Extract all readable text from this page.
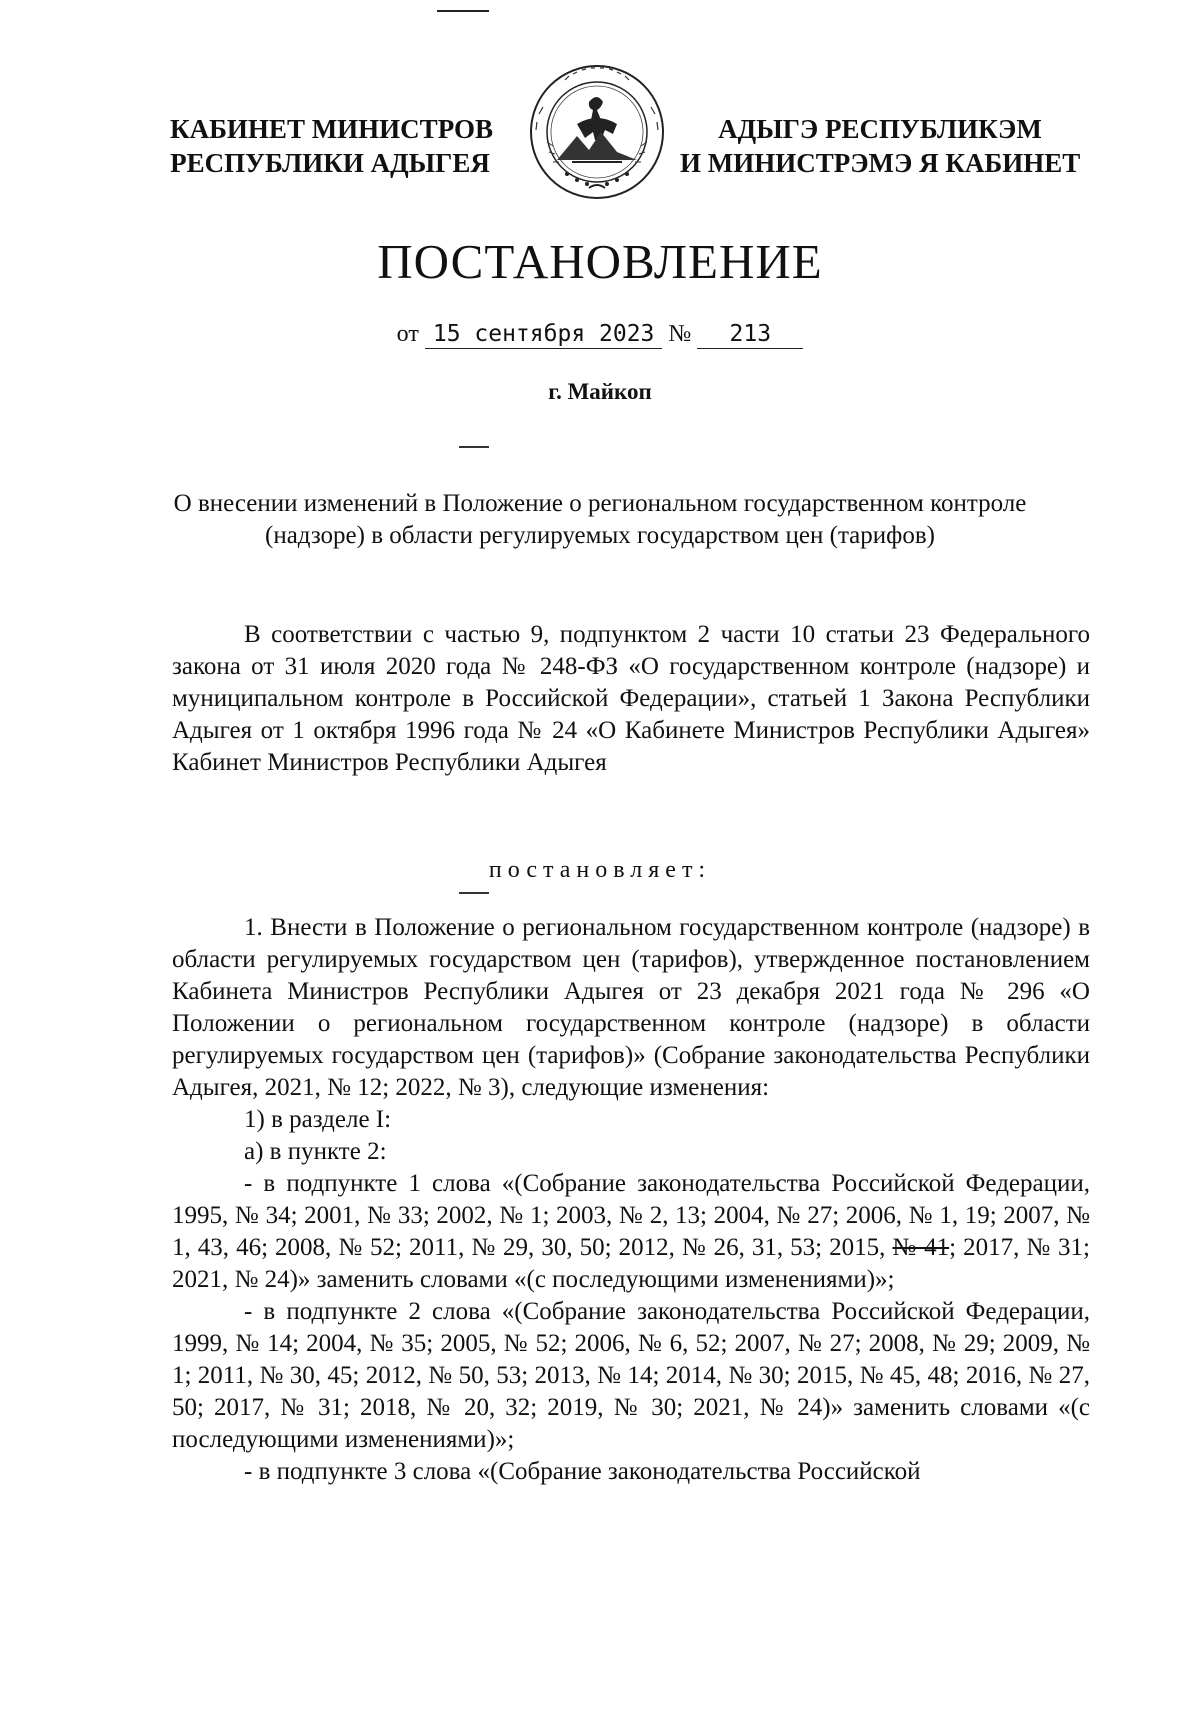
КАБИНЕТ МИНИСТРОВ
РЕСПУБЛИКИ АДЫГЕЯ
АДЫГЭ РЕСПУБЛИКЭМ
И МИНИСТРЭМЭ Я КАБИНЕТ
ПОСТАНОВЛЕНИЕ
от 15 сентября 2023 № 213
г. Майкоп
О внесении изменений в Положение о региональном государственном контроле (надзоре) в области регулируемых государством цен (тарифов)

В соответствии с частью 9, подпунктом 2 части 10 статьи 23 Федерального закона от 31 июля 2020 года № 248-ФЗ «О государственном контроле (надзоре) и муниципальном контроле в Российской Федерации», статьей 1 Закона Республики Адыгея от 1 октября 1996 года № 24 «О Кабинете Министров Республики Адыгея» Кабинет Министров Республики Адыгея

постановляет:

1. Внести в Положение о региональном государственном контроле (надзоре) в области регулируемых государством цен (тарифов), утвержденное постановлением Кабинета Министров Республики Адыгея от 23 декабря 2021 года № 296 «О Положении о региональном государственном контроле (надзоре) в области регулируемых государством цен (тарифов)» (Собрание законодательства Республики Адыгея, 2021, № 12; 2022, № 3), следующие изменения:

1) в разделе I:

а) в пункте 2:

- в подпункте 1 слова «(Собрание законодательства Российской Федерации, 1995, № 34; 2001, № 33; 2002, № 1; 2003, № 2, 13; 2004, № 27; 2006, № 1, 19; 2007, № 1, 43, 46; 2008, № 52; 2011, № 29, 30, 50; 2012, № 26, 31, 53; 2015, № 41; 2017, № 31; 2021, № 24)» заменить словами «(с последующими изменениями)»;

- в подпункте 2 слова «(Собрание законодательства Российской Федерации, 1999, № 14; 2004, № 35; 2005, № 52; 2006, № 6, 52; 2007, № 27; 2008, № 29; 2009, № 1; 2011, № 30, 45; 2012, № 50, 53; 2013, № 14; 2014, № 30; 2015, № 45, 48; 2016, № 27, 50; 2017, № 31; 2018, № 20, 32; 2019, № 30; 2021, № 24)» заменить словами «(с последующими изменениями)»;

- в подпункте 3 слова «(Собрание законодательства Российской
